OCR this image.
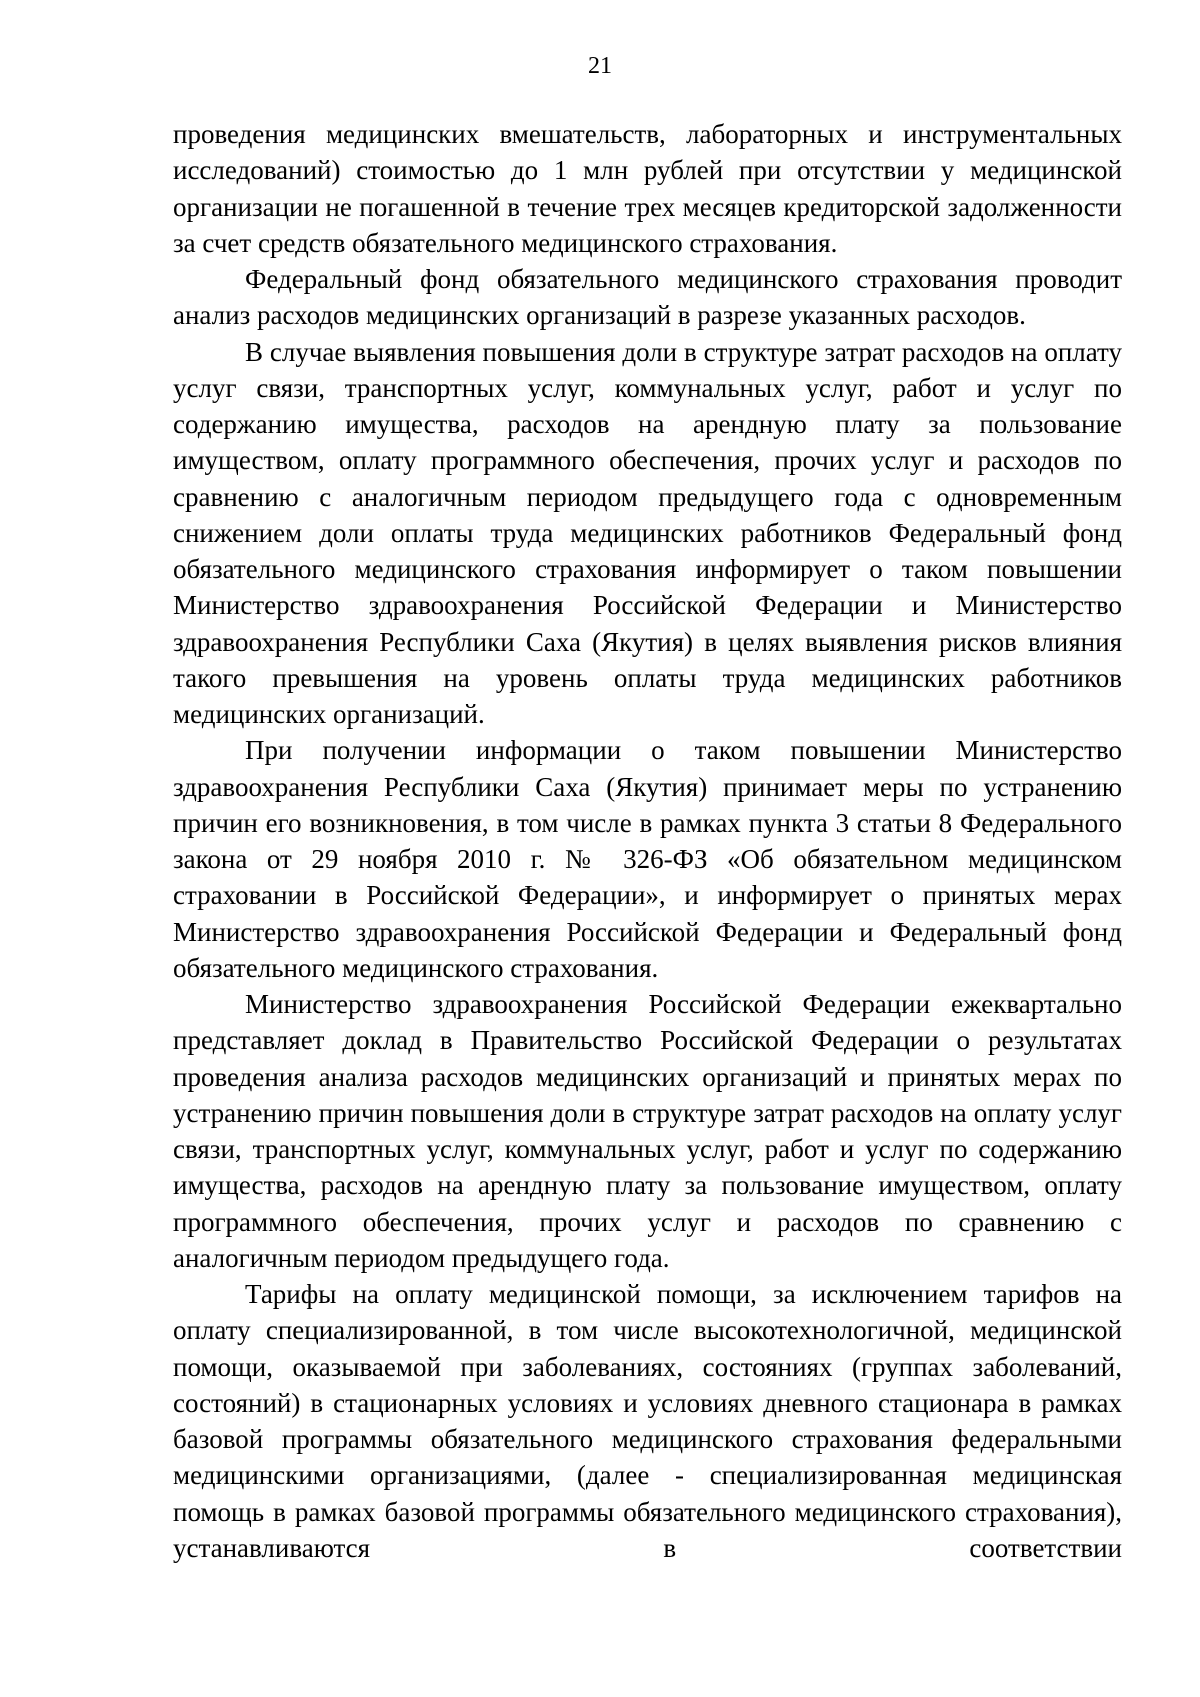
21

проведения медицинских вмешательств, лабораторных и инструментальных исследований) стоимостью до 1 млн рублей при отсутствии у медицинской организации не погашенной в течение трех месяцев кредиторской задолженности за счет средств обязательного медицинского страхования.

Федеральный фонд обязательного медицинского страхования проводит анализ расходов медицинских организаций в разрезе указанных расходов.

В случае выявления повышения доли в структуре затрат расходов на оплату услуг связи, транспортных услуг, коммунальных услуг, работ и услуг по содержанию имущества, расходов на арендную плату за пользование имуществом, оплату программного обеспечения, прочих услуг и расходов по сравнению с аналогичным периодом предыдущего года с одновременным снижением доли оплаты труда медицинских работников Федеральный фонд обязательного медицинского страхования информирует о таком повышении Министерство здравоохранения Российской Федерации и Министерство здравоохранения Республики Саха (Якутия) в целях выявления рисков влияния такого превышения на уровень оплаты труда медицинских работников медицинских организаций.

При получении информации о таком повышении Министерство здравоохранения Республики Саха (Якутия) принимает меры по устранению причин его возникновения, в том числе в рамках пункта 3 статьи 8 Федерального закона от 29 ноября 2010 г. № 326-ФЗ «Об обязательном медицинском страховании в Российской Федерации», и информирует о принятых мерах Министерство здравоохранения Российской Федерации и Федеральный фонд обязательного медицинского страхования.

Министерство здравоохранения Российской Федерации ежеквартально представляет доклад в Правительство Российской Федерации о результатах проведения анализа расходов медицинских организаций и принятых мерах по устранению причин повышения доли в структуре затрат расходов на оплату услуг связи, транспортных услуг, коммунальных услуг, работ и услуг по содержанию имущества, расходов на арендную плату за пользование имуществом, оплату программного обеспечения, прочих услуг и расходов по сравнению с аналогичным периодом предыдущего года.

Тарифы на оплату медицинской помощи, за исключением тарифов на оплату специализированной, в том числе высокотехнологичной, медицинской помощи, оказываемой при заболеваниях, состояниях (группах заболеваний, состояний) в стационарных условиях и условиях дневного стационара в рамках базовой программы обязательного медицинского страхования федеральными медицинскими организациями, (далее - специализированная медицинская помощь в рамках базовой программы обязательного медицинского страхования), устанавливаются в соответствии
